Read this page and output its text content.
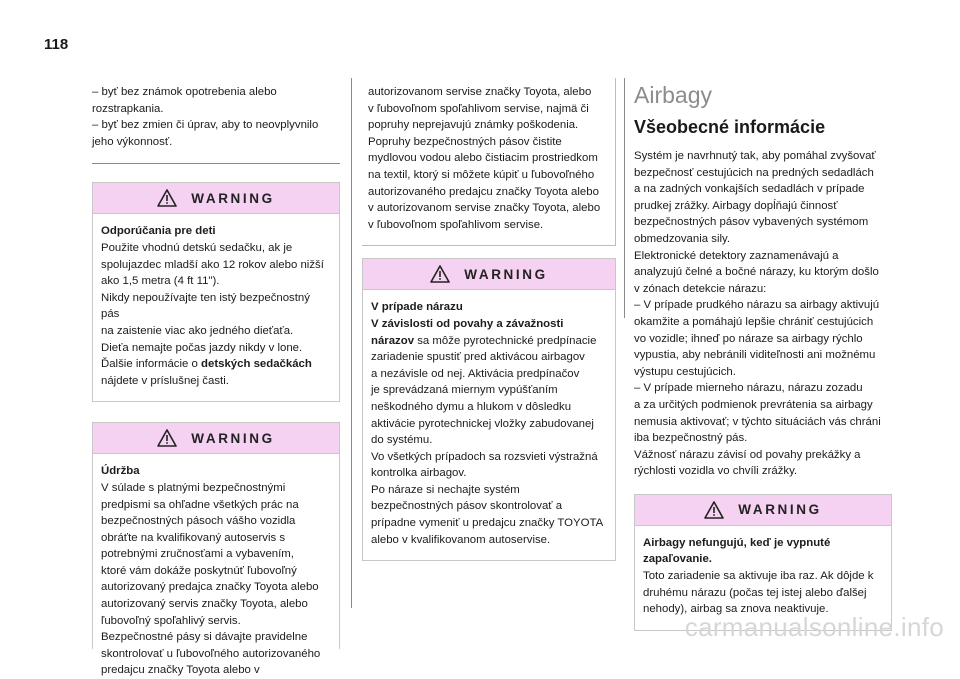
118

– byť bez známok opotrebenia alebo

rozstrapkania.

– byť bez zmien či úprav, aby to neovplyvnilo

jeho výkonnosť.

WARNING

Odporúčania pre deti

Použite vhodnú detskú sedačku, ak je

spolujazdec mladší ako 12 rokov alebo nižší

ako 1,5 metra (4 ft 11").

Nikdy nepoužívajte ten istý bezpečnostný pás

na zaistenie viac ako jedného dieťaťa.

Dieťa nemajte počas jazdy nikdy v lone.

Ďalšie informácie o detských sedačkách

nájdete v príslušnej časti.

WARNING

Údržba

V súlade s platnými bezpečnostnými

predpismi sa ohľadne všetkých prác na

bezpečnostných pásoch vášho vozidla

obráťte na kvalifikovaný autoservis s

potrebnými zručnosťami a vybavením,

ktoré vám dokáže poskytnúť ľubovoľný

autorizovaný predajca značky Toyota alebo

autorizovaný servis značky Toyota, alebo

ľubovoľný spoľahlivý servis.

Bezpečnostné pásy si dávajte pravidelne

skontrolovať u ľubovoľného autorizovaného

predajcu značky Toyota alebo v

autorizovanom servise značky Toyota, alebo

v ľubovoľnom spoľahlivom servise, najmä či

popruhy neprejavujú známky poškodenia.

Popruhy bezpečnostných pásov čistite

mydlovou vodou alebo čistiacim prostriedkom

na textil, ktorý si môžete kúpiť u ľubovoľného

autorizovaného predajcu značky Toyota alebo

v autorizovanom servise značky Toyota, alebo

v ľubovoľnom spoľahlivom servise.

WARNING

V prípade nárazu

V závislosti od povahy a závažnosti

nárazov sa môže pyrotechnické predpínacie

zariadenie spustiť pred aktivácou airbagov

a nezávisle od nej. Aktivácia predpínačov

je sprevádzaná miernym vypúšťaním

neškodného dymu a hlukom v dôsledku

aktivácie pyrotechnickej vložky zabudovanej

do systému.

Vo všetkých prípadoch sa rozsvieti výstražná

kontrolka airbagov.

Po náraze si nechajte systém

bezpečnostných pásov skontrolovať a

prípadne vymeniť u predajcu značky TOYOTA

alebo v kvalifikovanom autoservise.

Airbagy
Všeobecné informácie

Systém je navrhnutý tak, aby pomáhal zvyšovať

bezpečnosť cestujúcich na predných sedadlách

a na zadných vonkajších sedadlách v prípade

prudkej zrážky. Airbagy dopĺňajú činnosť

bezpečnostných pásov vybavených systémom

obmedzovania sily.

Elektronické detektory zaznamenávajú a

analyzujú čelné a bočné nárazy, ku ktorým došlo

v zónach detekcie nárazu:

– V prípade prudkého nárazu sa airbagy aktivujú

okamžite a pomáhajú lepšie chrániť cestujúcich

vo vozidle; ihneď po náraze sa airbagy rýchlo

vypustia, aby nebránili viditeľnosti ani možnému

výstupu cestujúcich.

– V prípade mierneho nárazu, nárazu zozadu

a za určitých podmienok prevrátenia sa airbagy

nemusia aktivovať; v týchto situáciách vás chráni

iba bezpečnostný pás.

Vážnosť nárazu závisí od povahy prekážky a

rýchlosti vozidla vo chvíli zrážky.

WARNING

Airbagy nefungujú, keď je vypnuté

zapaľovanie.

Toto zariadenie sa aktivuje iba raz. Ak dôjde k

druhému nárazu (počas tej istej alebo ďalšej

nehody), airbag sa znova neaktivuje.

carmanualsonline.info
